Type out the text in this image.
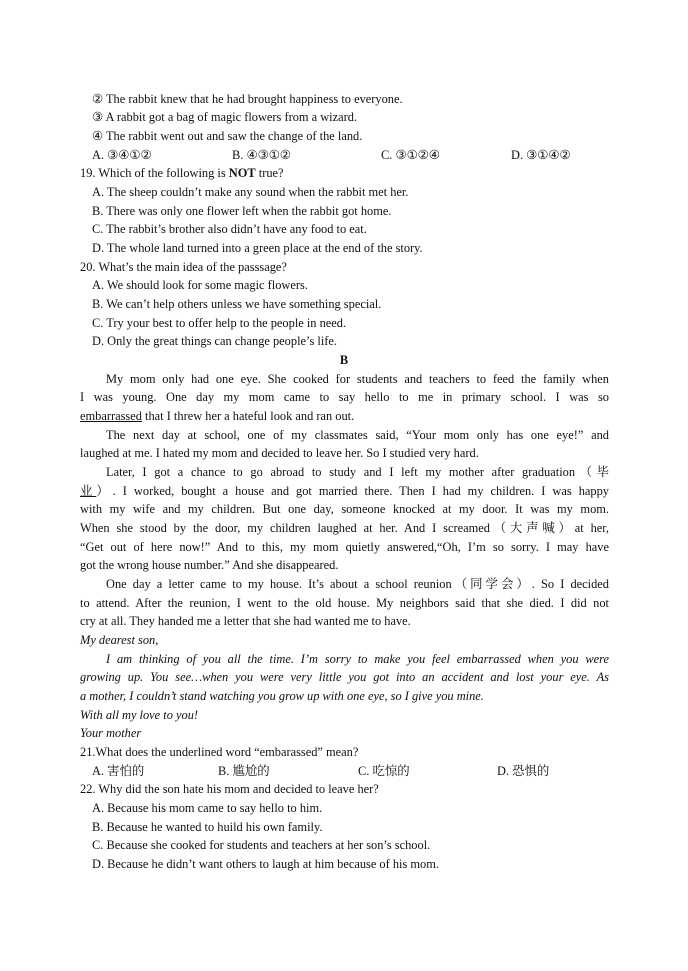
② The rabbit knew that he had brought happiness to everyone.
③ A rabbit got a bag of magic flowers from a wizard.
④ The rabbit went out and saw the change of the land.
A. ③④①②	B. ④③①②	C. ③①②④	D. ③①④②
19. Which of the following is NOT true?
A. The sheep couldn’t make any sound when the rabbit met her.
B. There was only one flower left when the rabbit got home.
C. The rabbit’s brother also didn’t have any food to eat.
D. The whole land turned into a green place at the end of the story.
20. What’s the main idea of the passsage?
A. We should look for some magic flowers.
B. We can’t help others unless we have something special.
C. Try your best to offer help to the people in need.
D. Only the great things can change people’s life.
B
My mom only had one eye. She cooked for students and teachers to feed the family when
I was young. One day my mom came to say hello to me in primary school. I was so
embarrassed that I threw her a hateful look and ran out.
The next day at school, one of my classmates said, “Your mom only has one eye!” and
laughed at me. I hated my mom and decided to leave her. So I studied very hard.
Later, I got a chance to go abroad to study and I left my mother after graduation（毕
业）. I worked, bought a house and got married there. Then I had my children. I was happy
with my wife and my children. But one day, someone knocked at my door. It was my mom.
When she stood by the door, my children laughed at her. And I screamed（大声喊）at her,
“Get out of here now!” And to this, my mom quietly answered,“Oh, I’m so sorry. I may have
got the wrong house number.” And she disappeared.
One day a letter came to my house. It’s about a school reunion（同学会）. So I decided
to attend. After the reunion, I went to the old house. My neighbors said that she died. I did not
cry at all. They handed me a letter that she had wanted me to have.
My dearest son,
I am thinking of you all the time. I’m sorry to make you feel embarrassed when you were
growing up. You see…when you were very little you got into an accident and lost your eye. As
a mother, I couldn’t stand watching you grow up with one eye, so I give you mine.
With all my love to you!
Your mother
21.What does the underlined word “embarassed” mean?
A. 害怕的	B. 尴尬的	C. 吃惊的	D. 恐惧的
22. Why did the son hate his mom and decided to leave her?
A. Because his mom came to say hello to him.
B. Because he wanted to huild his own family.
C. Because she cooked for students and teachers at her son’s school.
D. Because he didn’t want others to laugh at him because of his mom.
